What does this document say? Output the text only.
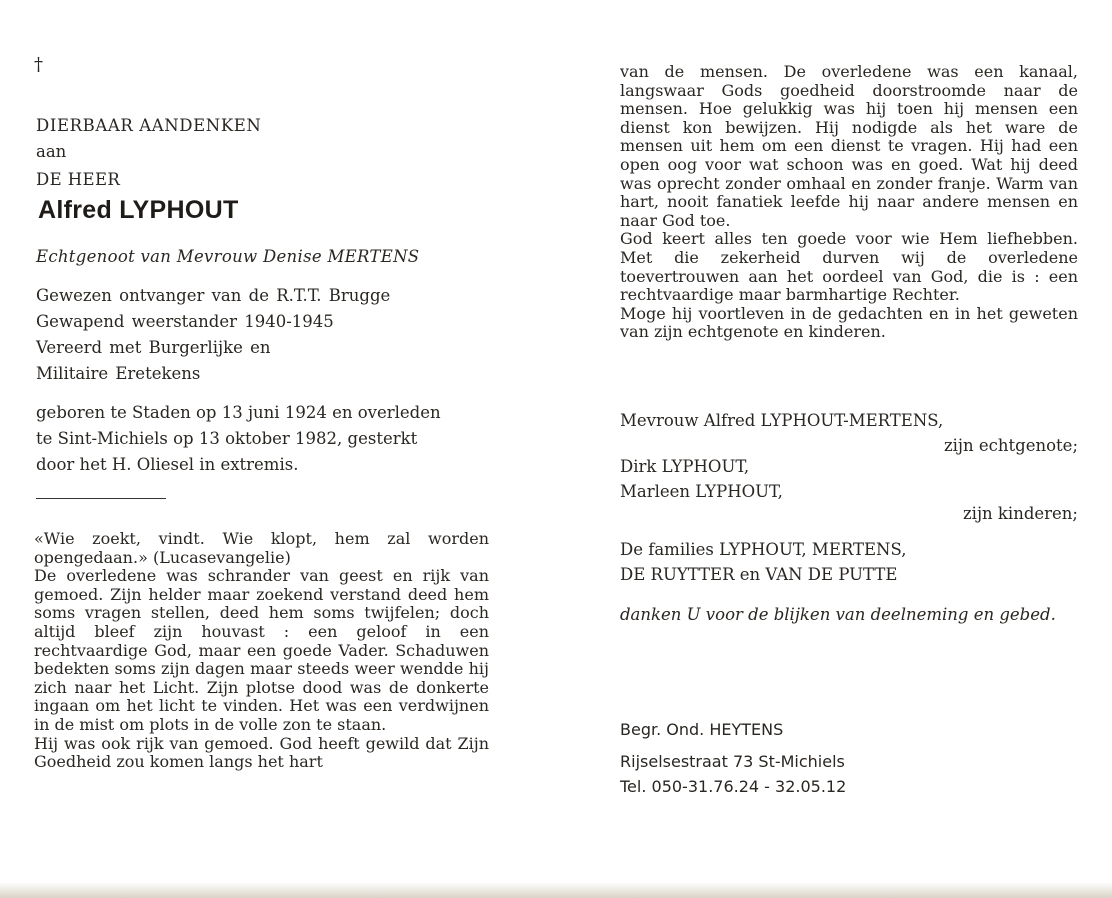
†
DIERBAAR AANDENKEN
aan
DE HEER
Alfred LYPHOUT
Echtgenoot van Mevrouw Denise MERTENS
Gewezen ontvanger van de R.T.T. Brugge
Gewapend weerstander 1940-1945
Vereerd met Burgerlijke en
Militaire Eretekens
geboren te Staden op 13 juni 1924 en overleden
te Sint-Michiels op 13 oktober 1982, gesterkt
door het H. Oliesel in extremis.
«Wie zoekt, vindt. Wie klopt, hem zal worden opengedaan.» (Lucasevangelie)
De overledene was schrander van geest en rijk van gemoed. Zijn helder maar zoekend verstand deed hem soms vragen stellen, deed hem soms twijfelen; doch altijd bleef zijn houvast : een geloof in een rechtvaardige God, maar een goede Vader. Schaduwen bedekten soms zijn dagen maar steeds weer wendde hij zich naar het Licht. Zijn plotse dood was de donkerte ingaan om het licht te vinden. Het was een verdwijnen in de mist om plots in de volle zon te staan.
Hij was ook rijk van gemoed. God heeft gewild dat Zijn Goedheid zou komen langs het hart
van de mensen. De overledene was een kanaal, langswaar Gods goedheid doorstroomde naar de mensen. Hoe gelukkig was hij toen hij mensen een dienst kon bewijzen. Hij nodigde als het ware de mensen uit hem om een dienst te vragen. Hij had een open oog voor wat schoon was en goed. Wat hij deed was oprecht zonder omhaal en zonder franje. Warm van hart, nooit fanatiek leefde hij naar andere mensen en naar God toe.
God keert alles ten goede voor wie Hem liefhebben. Met die zekerheid durven wij de overledene toevertrouwen aan het oordeel van God, die is : een rechtvaardige maar barmhartige Rechter.
Moge hij voortleven in de gedachten en in het geweten van zijn echtgenote en kinderen.
Mevrouw Alfred LYPHOUT-MERTENS,
zijn echtgenote;
Dirk LYPHOUT,
Marleen LYPHOUT,
zijn kinderen;
De families LYPHOUT, MERTENS,
DE RUYTTER en VAN DE PUTTE
danken U voor de blijken van deelneming en gebed.
Begr. Ond. HEYTENS
Rijselsestraat 73 St-Michiels
Tel. 050-31.76.24 - 32.05.12
